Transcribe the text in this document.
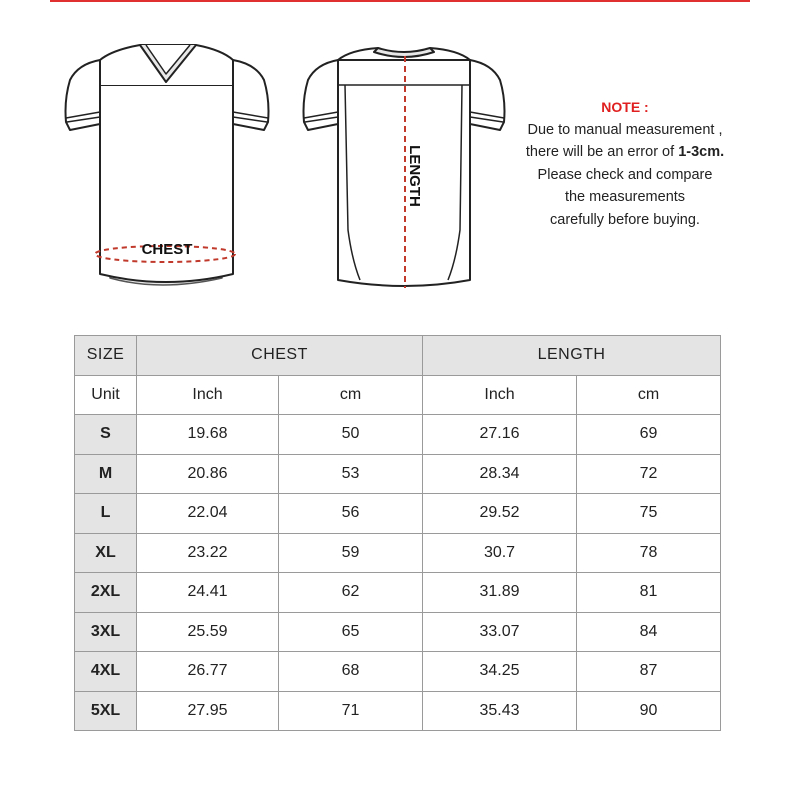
CHEST
LENGTH
NOTE :
Due to manual measurement ,
there will be an error of 1-3cm.
Please check and compare
the measurements
carefully before buying.
SIZE	CHEST		LENGTH	
Unit	Inch	cm	Inch	cm
S	19.68	50	27.16	69
M	20.86	53	28.34	72
L	22.04	56	29.52	75
XL	23.22	59	30.7	78
2XL	24.41	62	31.89	81
3XL	25.59	65	33.07	84
4XL	26.77	68	34.25	87
5XL	27.95	71	35.43	90
